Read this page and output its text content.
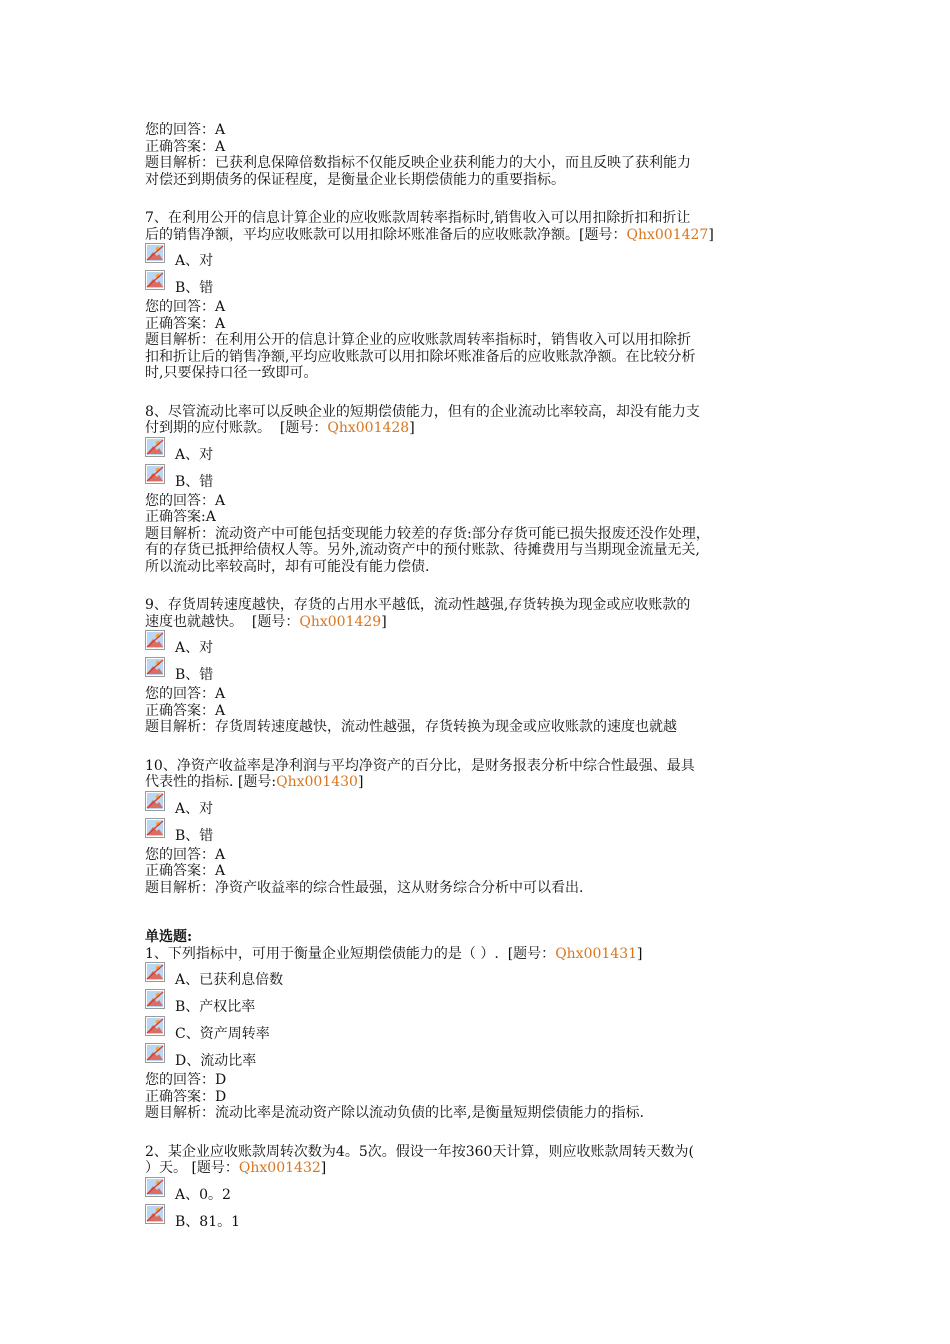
您的回答：A
正确答案：A
题目解析：已获利息保障倍数指标不仅能反映企业获利能力的大小，而且反映了获利能力
对偿还到期债务的保证程度，是衡量企业长期偿债能力的重要指标。
7、在利用公开的信息计算企业的应收账款周转率指标时,销售收入可以用扣除折扣和折让
后的销售净额，平均应收账款可以用扣除坏账准备后的应收账款净额。[题号：Qhx001427]
A、对
B、错
您的回答：A
正确答案：A
题目解析：在利用公开的信息计算企业的应收账款周转率指标时，销售收入可以用扣除折
扣和折让后的销售净额,平均应收账款可以用扣除坏账准备后的应收账款净额。在比较分析
时,只要保持口径一致即可。
8、尽管流动比率可以反映企业的短期偿债能力，但有的企业流动比率较高，却没有能力支
付到期的应付账款。  [题号：Qhx001428]
A、对
B、错
您的回答：A
正确答案:A
题目解析：流动资产中可能包括变现能力较差的存货:部分存货可能已损失报废还没作处理，
有的存货已抵押给债权人等。另外,流动资产中的预付账款、待摊费用与当期现金流量无关,
所以流动比率较高时，却有可能没有能力偿债.
9、存货周转速度越快，存货的占用水平越低，流动性越强,存货转换为现金或应收账款的
速度也就越快。  [题号：Qhx001429]
A、对
B、错
您的回答：A
正确答案：A
题目解析：存货周转速度越快，流动性越强，存货转换为现金或应收账款的速度也就越
10、净资产收益率是净利润与平均净资产的百分比，是财务报表分析中综合性最强、最具
代表性的指标. [题号:Qhx001430]
A、对
B、错
您的回答：A
正确答案：A
题目解析：净资产收益率的综合性最强，这从财务综合分析中可以看出.
单选题:
1、下列指标中，可用于衡量企业短期偿债能力的是（ ）.  [题号：Qhx001431]
A、已获利息倍数
B、产权比率
C、资产周转率
D、流动比率
您的回答：D
正确答案：D
题目解析：流动比率是流动资产除以流动负债的比率,是衡量短期偿债能力的指标.
2、某企业应收账款周转次数为4。5次。假设一年按360天计算，则应收账款周转天数为(
）天。 [题号：Qhx001432]
A、0。2
B、81。1
